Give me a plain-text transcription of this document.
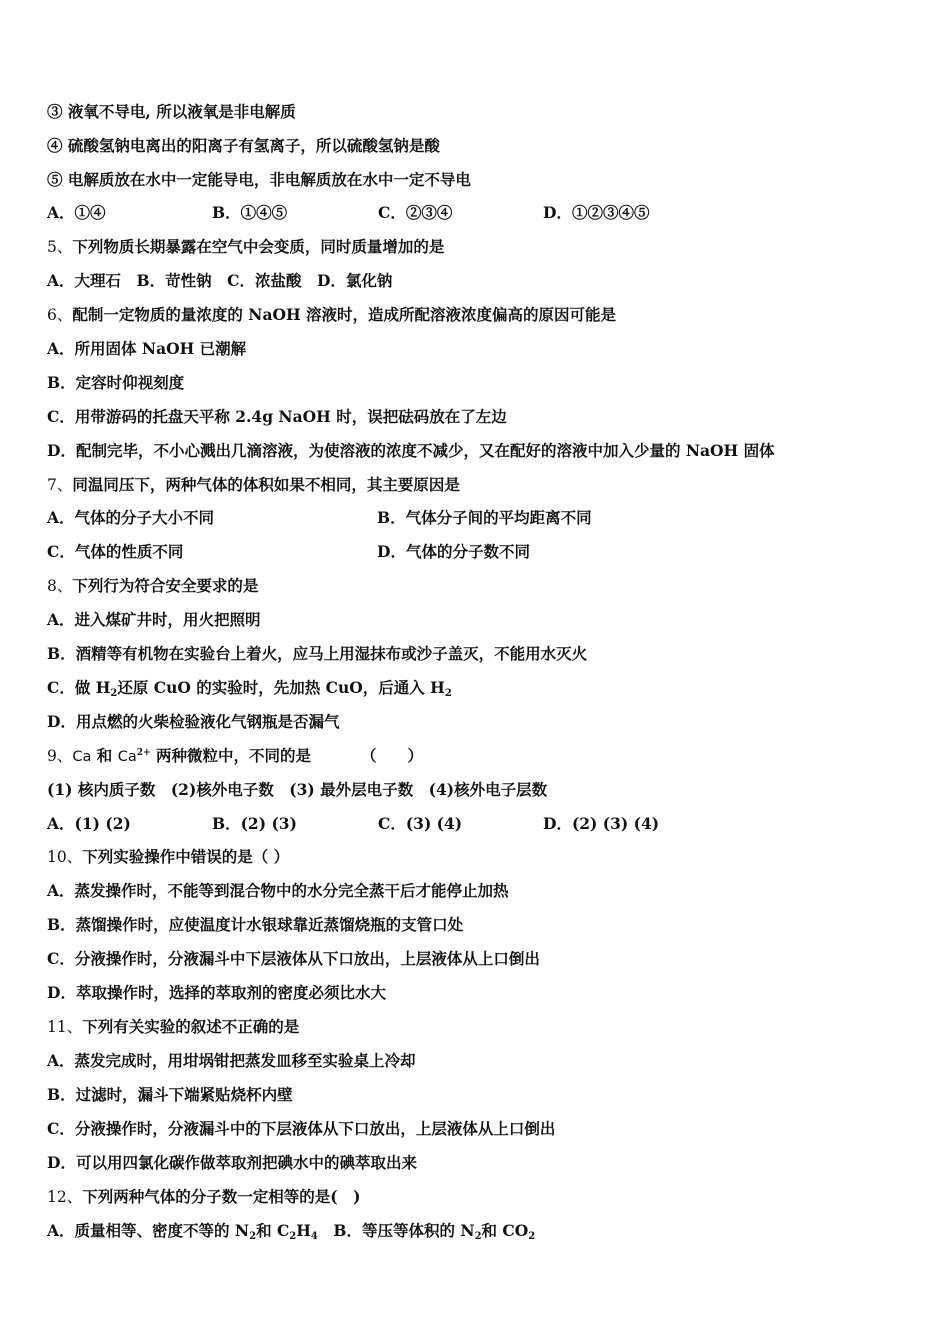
③ 液氧不导电, 所以液氧是非电解质
④ 硫酸氢钠电离出的阳离子有氢离子，所以硫酸氢钠是酸
⑤ 电解质放在水中一定能导电，非电解质放在水中一定不导电
A．①④	B．①④⑤	C．②③④	D．①②③④⑤
5、下列物质长期暴露在空气中会变质，同时质量增加的是
A．大理石　B．苛性钠　C．浓盐酸　D．氯化钠
6、配制一定物质的量浓度的 NaOH 溶液时，造成所配溶液浓度偏高的原因可能是
A．所用固体 NaOH 已潮解
B．定容时仰视刻度
C．用带游码的托盘天平称 2.4g NaOH 时，误把砝码放在了左边
D．配制完毕，不小心溅出几滴溶液，为使溶液的浓度不减少，又在配好的溶液中加入少量的 NaOH 固体
7、同温同压下，两种气体的体积如果不相同，其主要原因是
A．气体的分子大小不同	B．气体分子间的平均距离不同
C．气体的性质不同	D．气体的分子数不同
8、下列行为符合安全要求的是
A．进入煤矿井时，用火把照明
B．酒精等有机物在实验台上着火，应马上用湿抹布或沙子盖灭，不能用水灭火
C．做 $H_2$还原 CuO 的实验时，先加热 CuO，后通入 $H_2$
D．用点燃的火柴检验液化气钢瓶是否漏气
9、Ca 和 $Ca^{2+}$ 两种微粒中，不同的是	（　　）
(1) 核内质子数　(2)核外电子数　(3) 最外层电子数　(4)核外电子层数
A．(1) (2)	B．(2) (3)	C．(3) (4)	D．(2) (3) (4)
10、下列实验操作中错误的是（ ）
A．蒸发操作时，不能等到混合物中的水分完全蒸干后才能停止加热
B．蒸馏操作时，应使温度计水银球靠近蒸馏烧瓶的支管口处
C．分液操作时，分液漏斗中下层液体从下口放出，上层液体从上口倒出
D．萃取操作时，选择的萃取剂的密度必须比水大
11、下列有关实验的叙述不正确的是
A．蒸发完成时，用坩埚钳把蒸发皿移至实验桌上冷却
B．过滤时，漏斗下端紧贴烧杯内壁
C．分液操作时，分液漏斗中的下层液体从下口放出，上层液体从上口倒出
D．可以用四氯化碳作做萃取剂把碘水中的碘萃取出来
12、下列两种气体的分子数一定相等的是(　)
A．质量相等、密度不等的 $N_2$和 $C_2H_4$　B．等压等体积的 $N_2$和 $CO_2$
